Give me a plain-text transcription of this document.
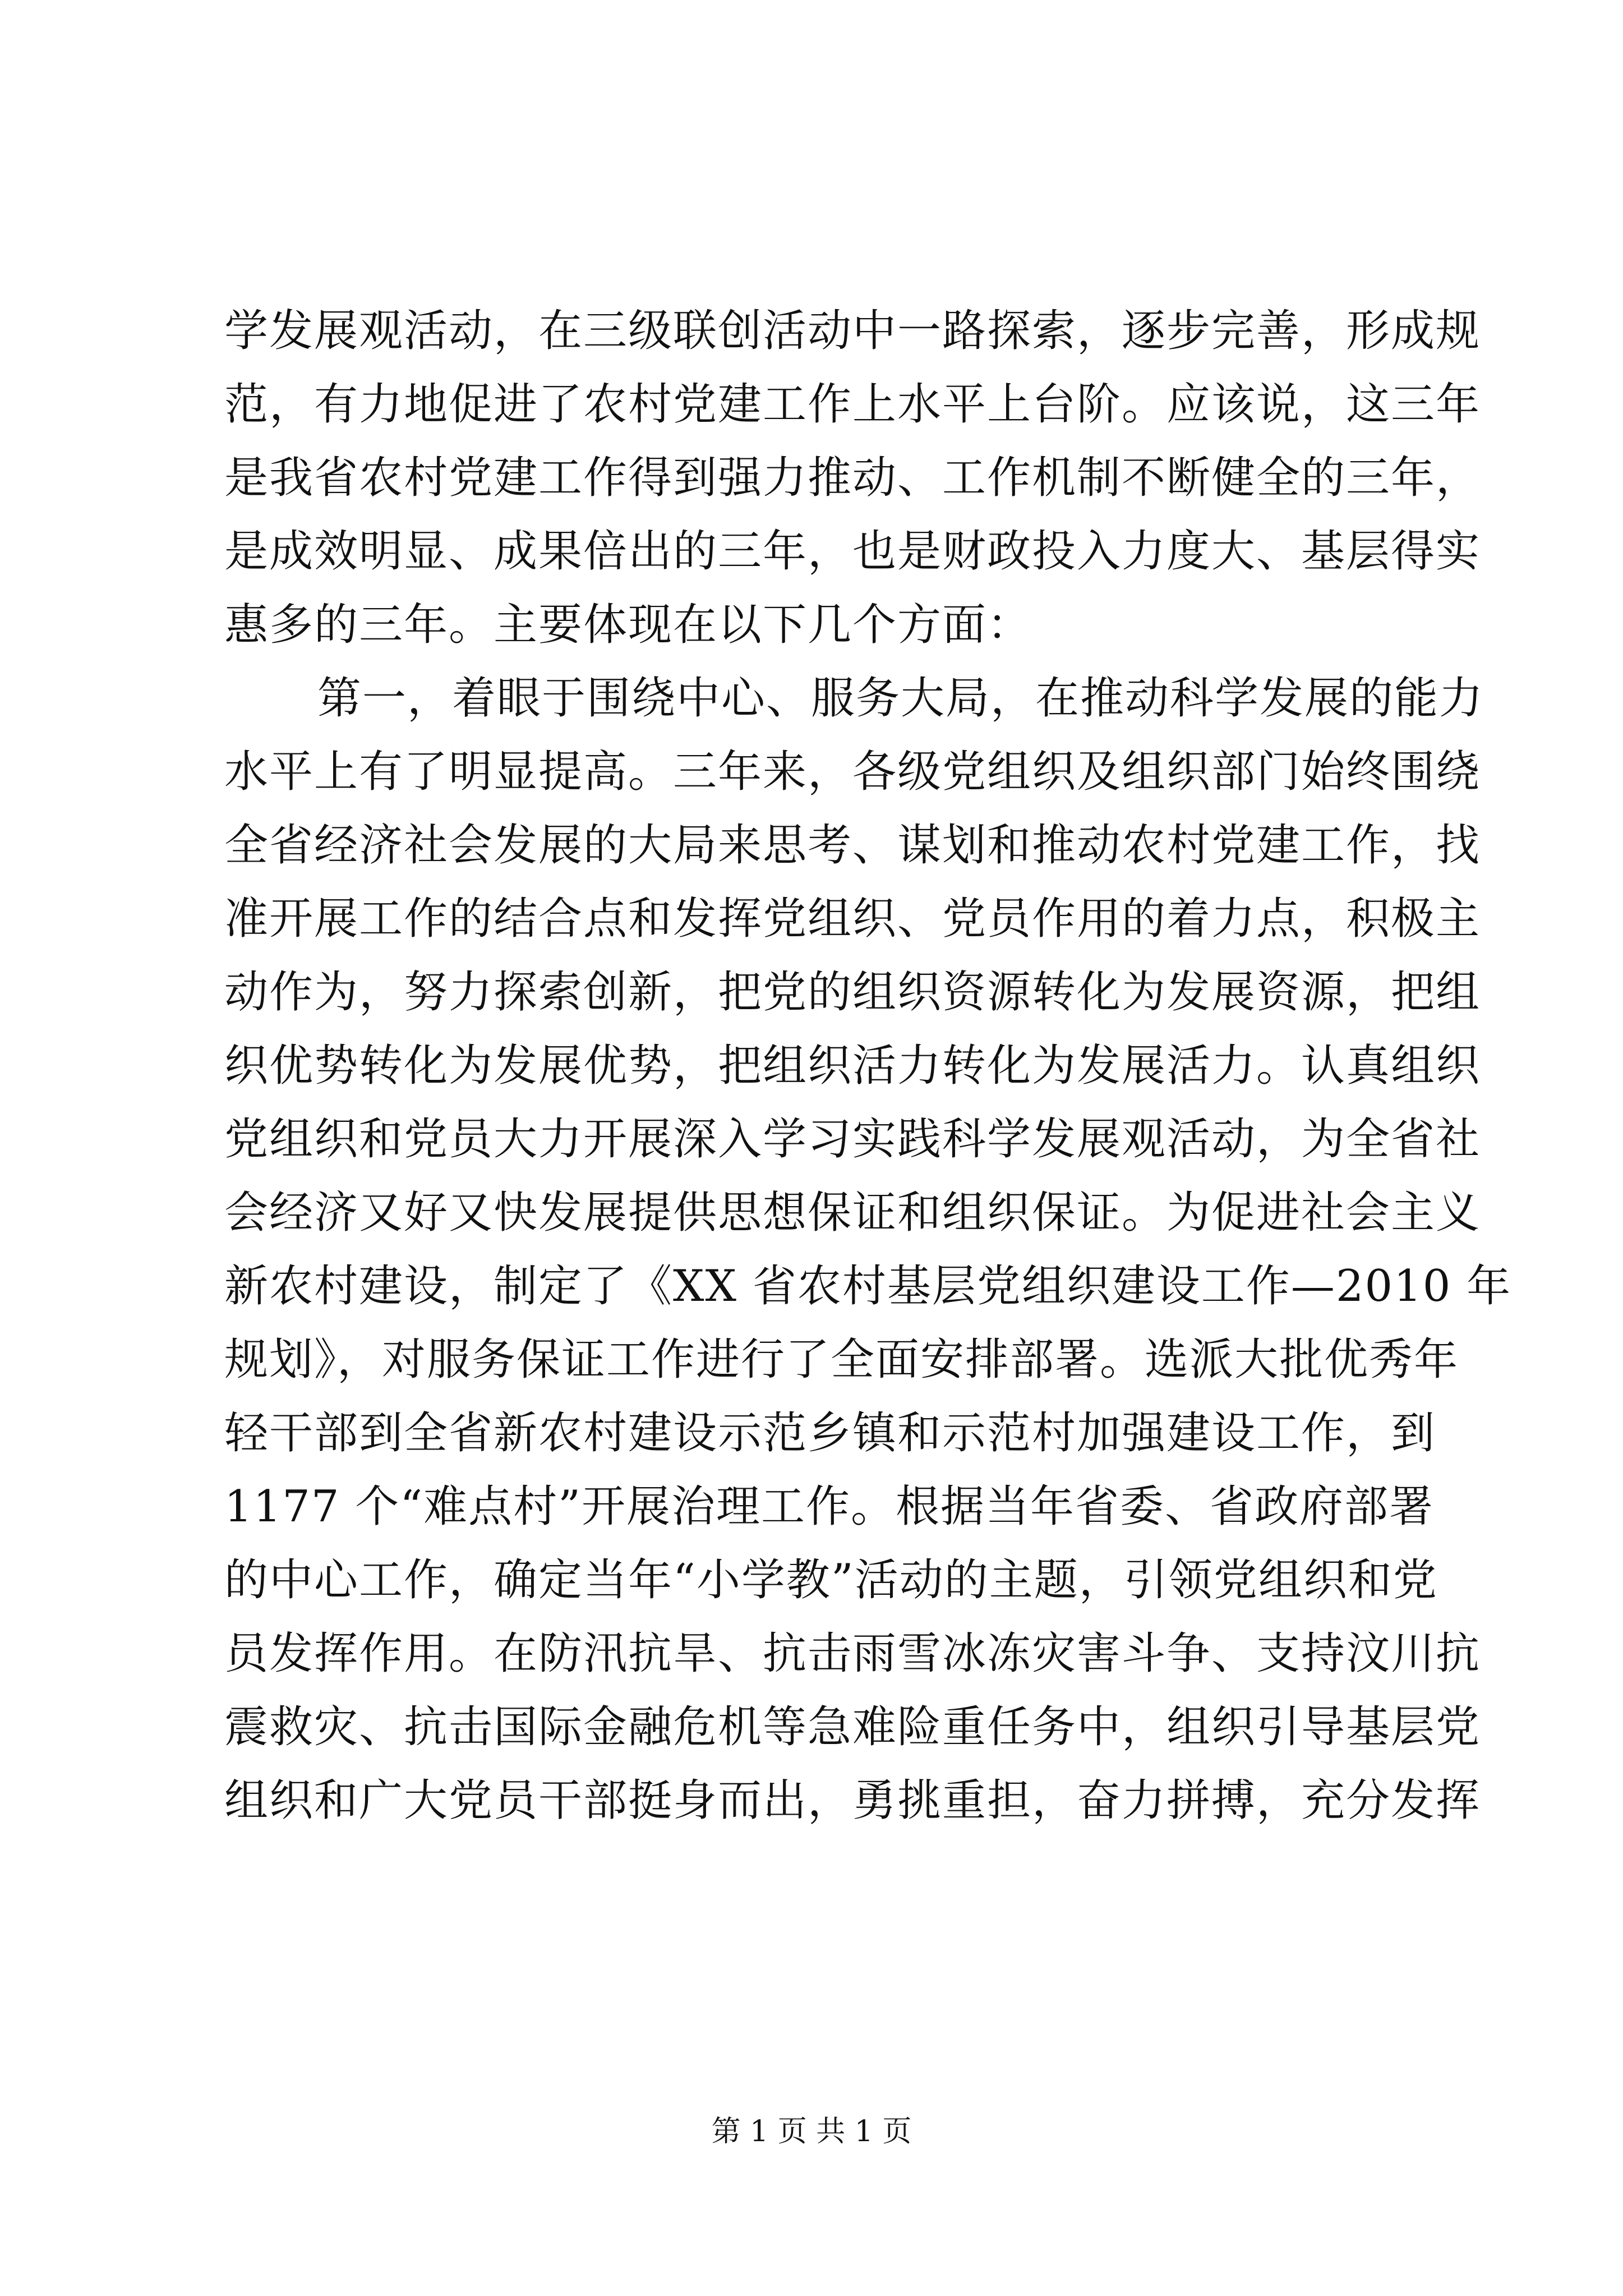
学发展观活动，在三级联创活动中一路探索，逐步完善，形成规
范，有力地促进了农村党建工作上水平上台阶。应该说，这三年
是我省农村党建工作得到强力推动、工作机制不断健全的三年，
是成效明显、成果倍出的三年，也是财政投入力度大、基层得实
惠多的三年。主要体现在以下几个方面：
第一，着眼于围绕中心、服务大局，在推动科学发展的能力
水平上有了明显提高。三年来，各级党组织及组织部门始终围绕
全省经济社会发展的大局来思考、谋划和推动农村党建工作，找
准开展工作的结合点和发挥党组织、党员作用的着力点，积极主
动作为，努力探索创新，把党的组织资源转化为发展资源，把组
织优势转化为发展优势，把组织活力转化为发展活力。认真组织
党组织和党员大力开展深入学习实践科学发展观活动，为全省社
会经济又好又快发展提供思想保证和组织保证。为促进社会主义
新农村建设，制定了《XX 省农村基层党组织建设工作—2010 年
规划》，对服务保证工作进行了全面安排部署。选派大批优秀年
轻干部到全省新农村建设示范乡镇和示范村加强建设工作，到
1177 个“难点村”开展治理工作。根据当年省委、省政府部署
的中心工作，确定当年“小学教”活动的主题，引领党组织和党
员发挥作用。在防汛抗旱、抗击雨雪冰冻灾害斗争、支持汶川抗
震救灾、抗击国际金融危机等急难险重任务中，组织引导基层党
组织和广大党员干部挺身而出，勇挑重担，奋力拼搏，充分发挥
第 1 页 共 1 页
